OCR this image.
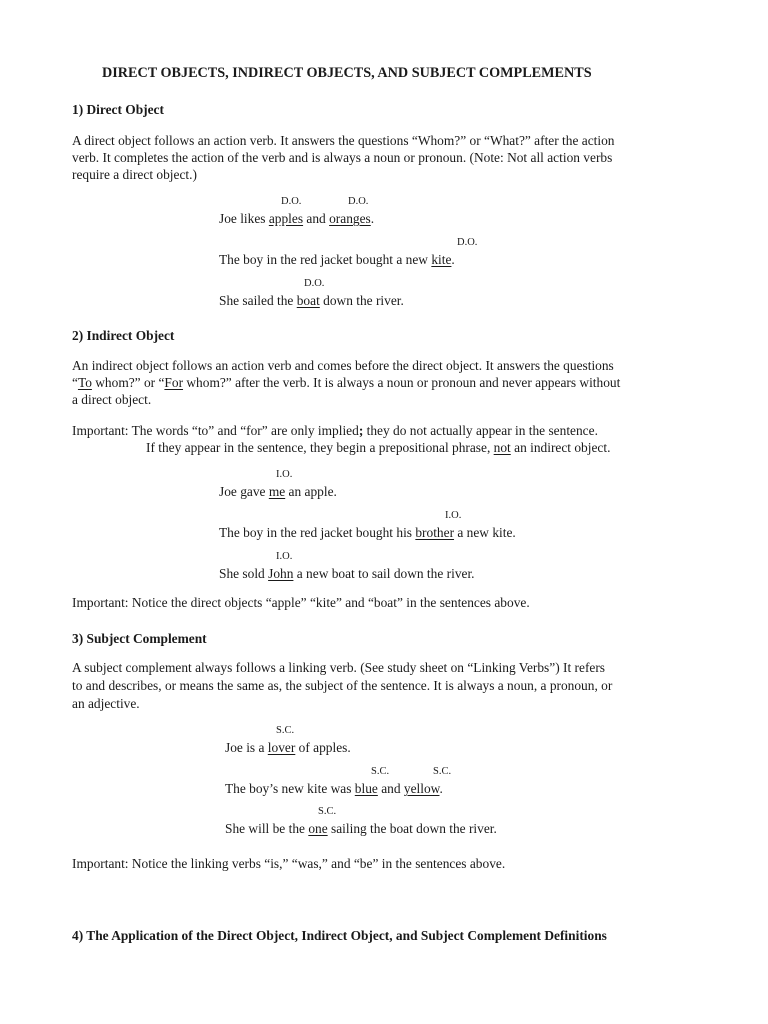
DIRECT OBJECTS, INDIRECT OBJECTS, AND SUBJECT COMPLEMENTS
1) Direct Object
A direct object follows an action verb. It answers the questions “Whom?” or “What?” after the action
verb. It completes the action of the verb and is always a noun or pronoun. (Note: Not all action verbs
require a direct object.)
D.O.	D.O.
Joe likes apples and oranges.
D.O.
The boy in the red jacket bought a new kite.
D.O.
She sailed the boat down the river.
2) Indirect Object
An indirect object follows an action verb and comes before the direct object. It answers the questions
“To whom?” or “For whom?” after the verb. It is always a noun or pronoun and never appears without
a direct object.
Important: The words “to” and “for” are only implied; they do not actually appear in the sentence.
If they appear in the sentence, they begin a prepositional phrase, not an indirect object.
I.O.
Joe gave me an apple.
I.O.
The boy in the red jacket bought his brother a new kite.
I.O.
She sold John a new boat to sail down the river.
Important: Notice the direct objects “apple” “kite” and “boat” in the sentences above.
3) Subject Complement
A subject complement always follows a linking verb. (See study sheet on “Linking Verbs”) It refers
to and describes, or means the same as, the subject of the sentence. It is always a noun, a pronoun, or
an adjective.
S.C.
Joe is a lover of apples.
S.C.	S.C.
The boy’s new kite was blue and yellow.
S.C.
She will be the one sailing the boat down the river.
Important: Notice the linking verbs “is,” “was,” and “be” in the sentences above.
4) The Application of the Direct Object, Indirect Object, and Subject Complement Definitions
